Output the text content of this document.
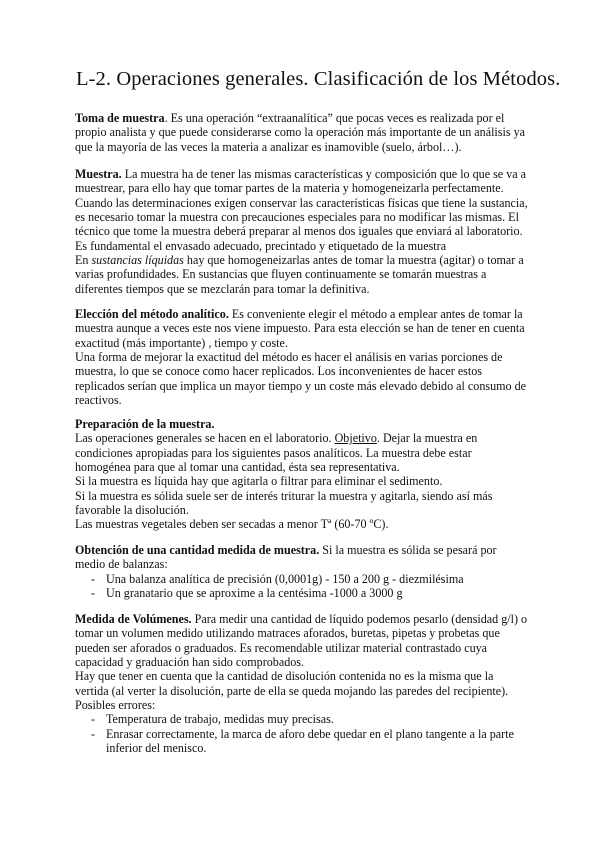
L-2. Operaciones generales. Clasificación de los Métodos.
Toma de muestra. Es una operación “extraanalítica” que pocas veces es realizada por el
propio analista y que puede considerarse como la operación más importante de un análisis ya
que la mayoría de las veces la materia a analizar es inamovible (suelo, árbol…).
Muestra. La muestra ha de tener las mismas características y composición que lo que se va a
muestrear, para ello hay que tomar partes de la materia y homogeneizarla perfectamente.
Cuando las determinaciones exigen conservar las características físicas que tiene la sustancia,
es necesario tomar la muestra con precauciones especiales para no modificar las mismas. El
técnico que tome la muestra deberá preparar al menos dos iguales que enviará al laboratorio.
Es fundamental el envasado adecuado, precintado y etiquetado de la muestra
En sustancias líquidas hay que homogeneizarlas antes de tomar la muestra (agitar) o tomar a
varias profundidades. En sustancias que fluyen continuamente se tomarán muestras a
diferentes tiempos que se mezclarán para tomar la definitiva.
Elección del método analítico. Es conveniente elegir el método a emplear antes de tomar la
muestra aunque a veces este nos viene impuesto. Para esta elección se han de tener en cuenta
exactitud (más importante) , tiempo y coste.
Una forma de mejorar la exactitud del método es hacer el análisis en varias porciones de
muestra, lo que se conoce como hacer replicados. Los inconvenientes de hacer estos
replicados serían que implica un mayor tiempo y un coste más elevado debido al consumo de
reactivos.
Preparación de la muestra.
Las operaciones generales se hacen en el laboratorio. Objetivo. Dejar la muestra en
condiciones apropiadas para los siguientes pasos analíticos. La muestra debe estar
homogénea para que al tomar una cantidad, ésta sea representativa.
Si la muestra es líquida hay que agitarla o filtrar para eliminar el sedimento.
Si la muestra es sólida suele ser de interés triturar la muestra y agitarla, siendo así más
favorable la disolución.
Las muestras vegetales deben ser secadas a menor Tª (60-70 ºC).
Obtención de una cantidad medida de muestra. Si la muestra es sólida se pesará por
medio de balanzas:
- Una balanza analítica de precisión (0,0001g) - 150 a 200 g - diezmilésima
- Un granatario que se aproxime a la centésima -1000 a 3000 g
Medida de Volúmenes. Para medir una cantidad de líquido podemos pesarlo (densidad g/l) o
tomar un volumen medido utilizando matraces aforados, buretas, pipetas y probetas que
pueden ser aforados o graduados. Es recomendable utilizar material contrastado cuya
capacidad y graduación han sido comprobados.
Hay que tener en cuenta que la cantidad de disolución contenida no es la misma que la
vertida (al verter la disolución, parte de ella se queda mojando las paredes del recipiente).
Posibles errores:
- Temperatura de trabajo, medidas muy precisas.
- Enrasar correctamente, la marca de aforo debe quedar en el plano tangente a la parte
inferior del menisco.
